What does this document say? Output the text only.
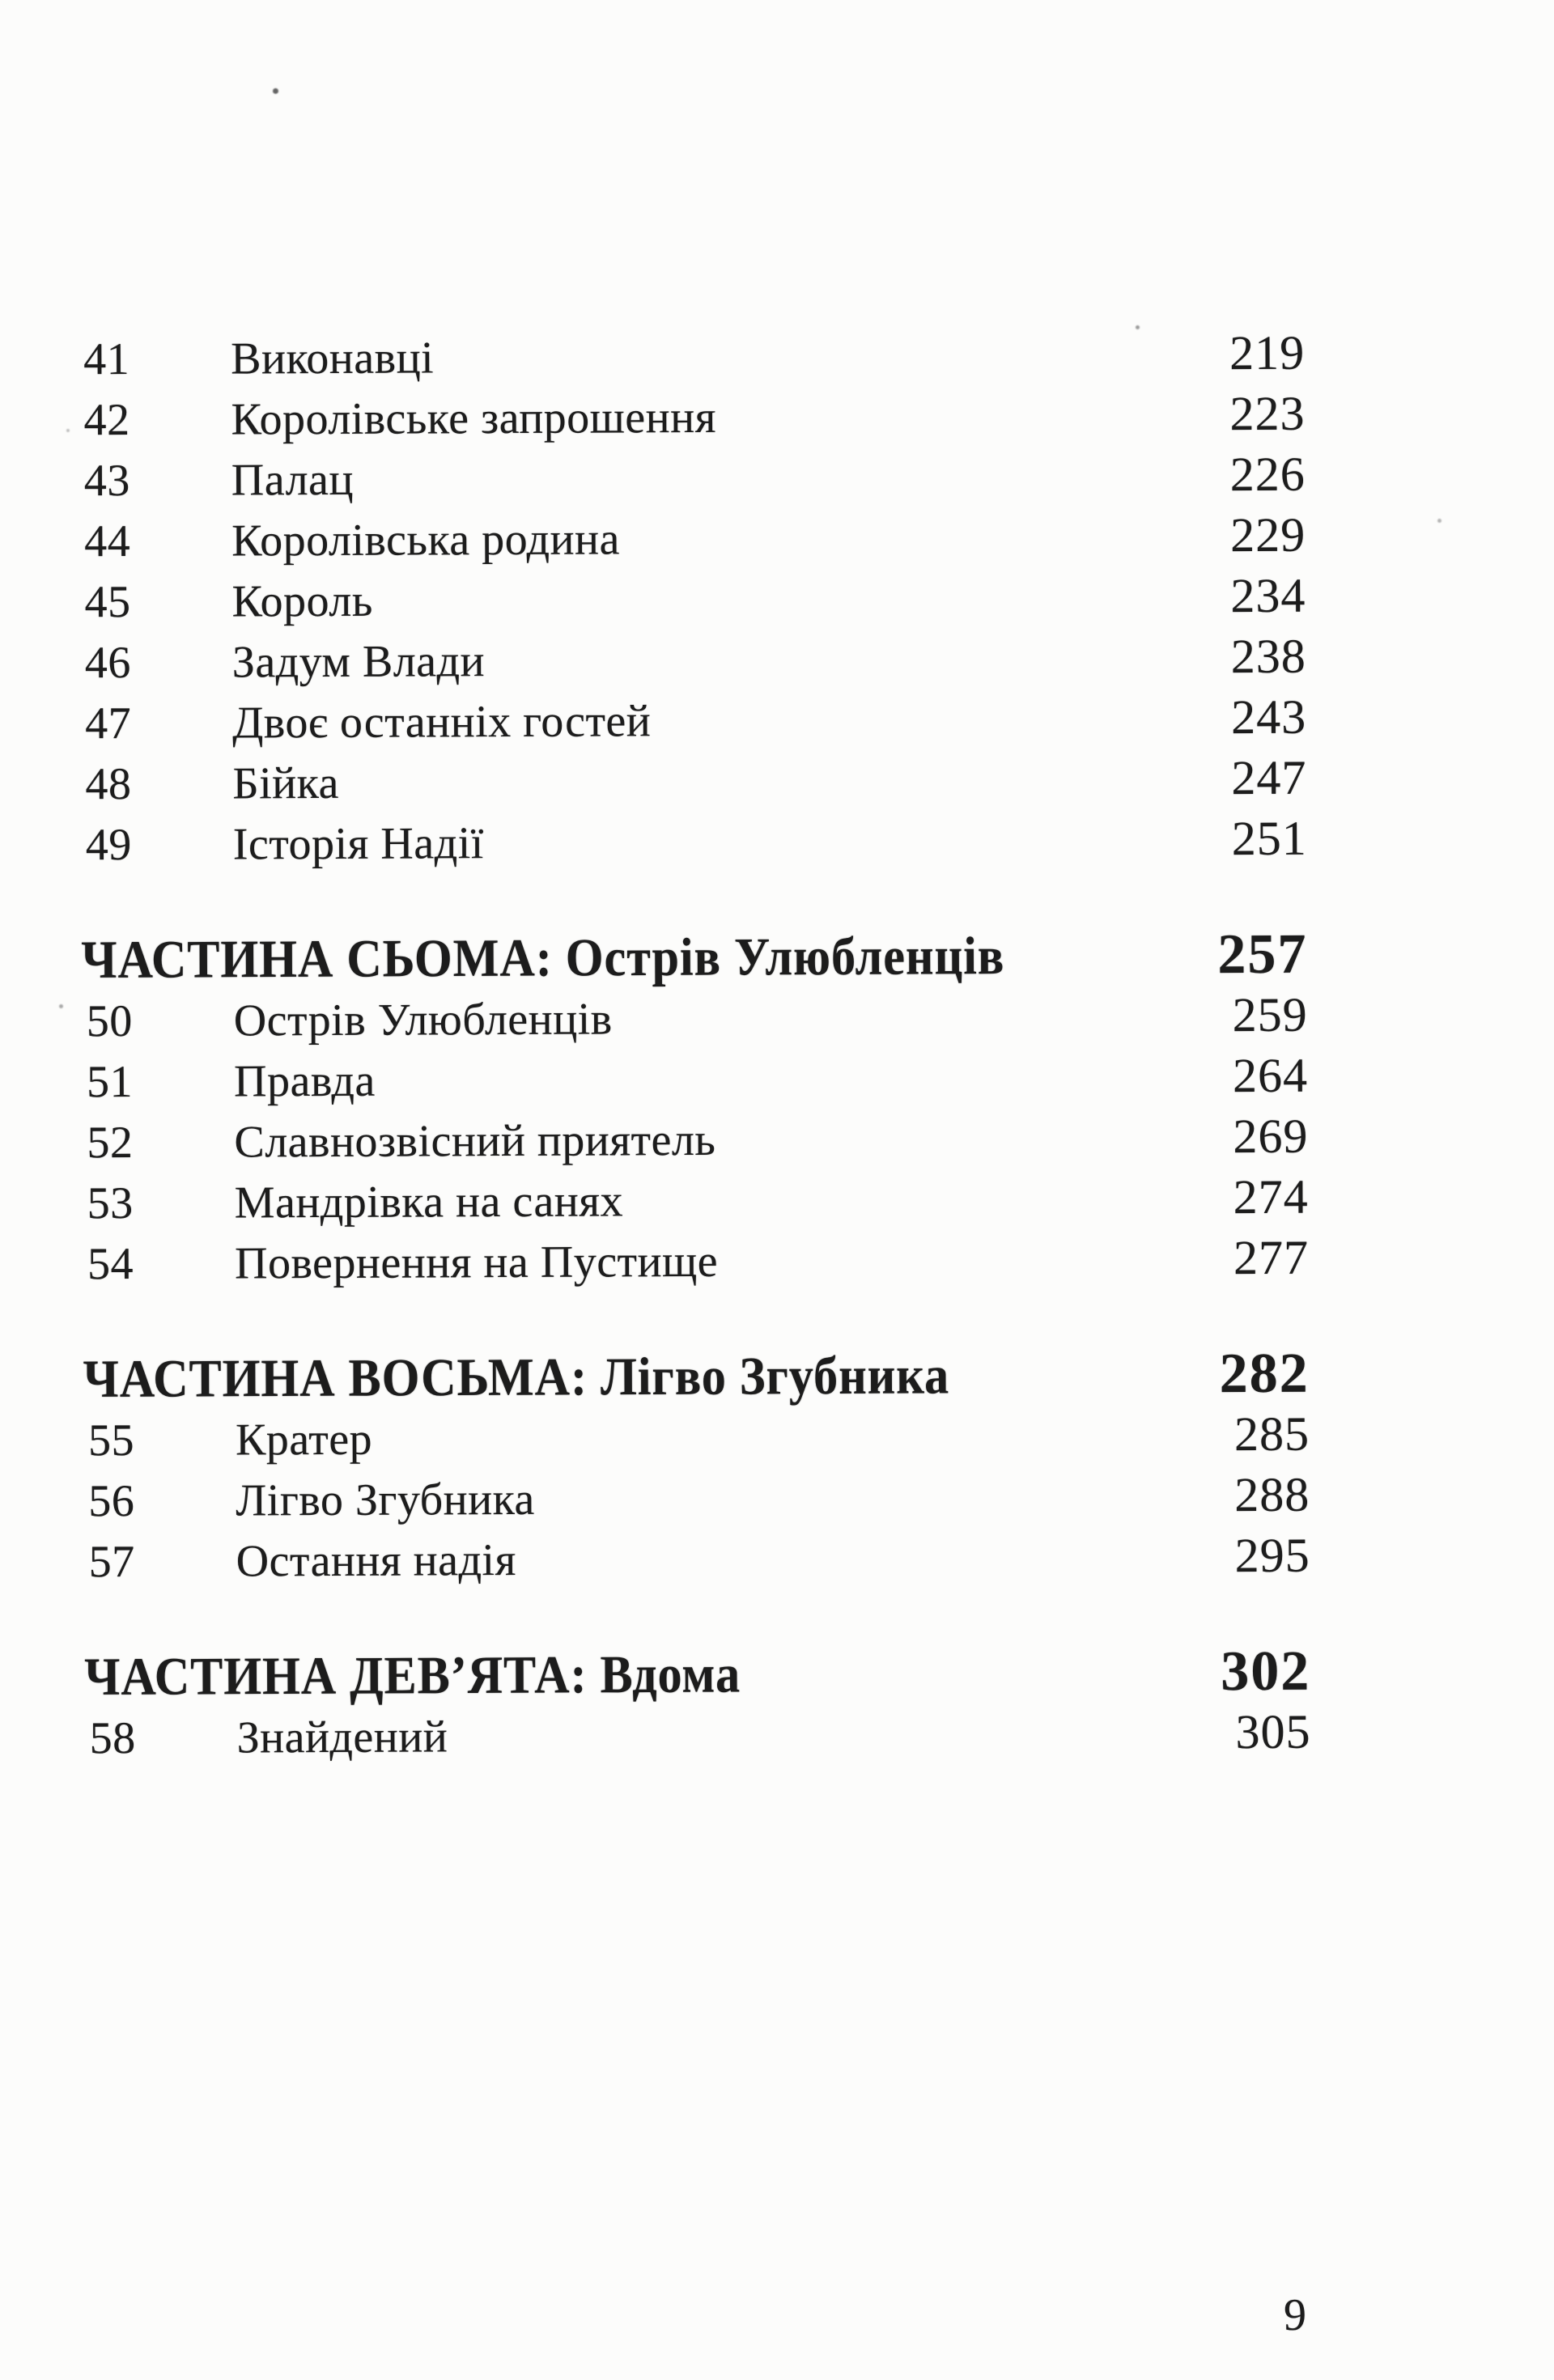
41	Виконавці	219
42	Королівське запрошення	223
43	Палац	226
44	Королівська родина	229
45	Король	234
46	Задум Влади	238
47	Двоє останніх гостей	243
48	Бійка	247
49	Історія Надії	251
ЧАСТИНА СЬОМА: Острів Улюбленців	257
50	Острів Улюбленців	259
51	Правда	264
52	Славнозвісний приятель	269
53	Мандрівка на санях	274
54	Повернення на Пустище	277
ЧАСТИНА ВОСЬМА: Лігво Згубника	282
55	Кратер	285
56	Лігво Згубника	288
57	Остання надія	295
ЧАСТИНА ДЕВ’ЯТА: Вдома	302
58	Знайдений	305
9
